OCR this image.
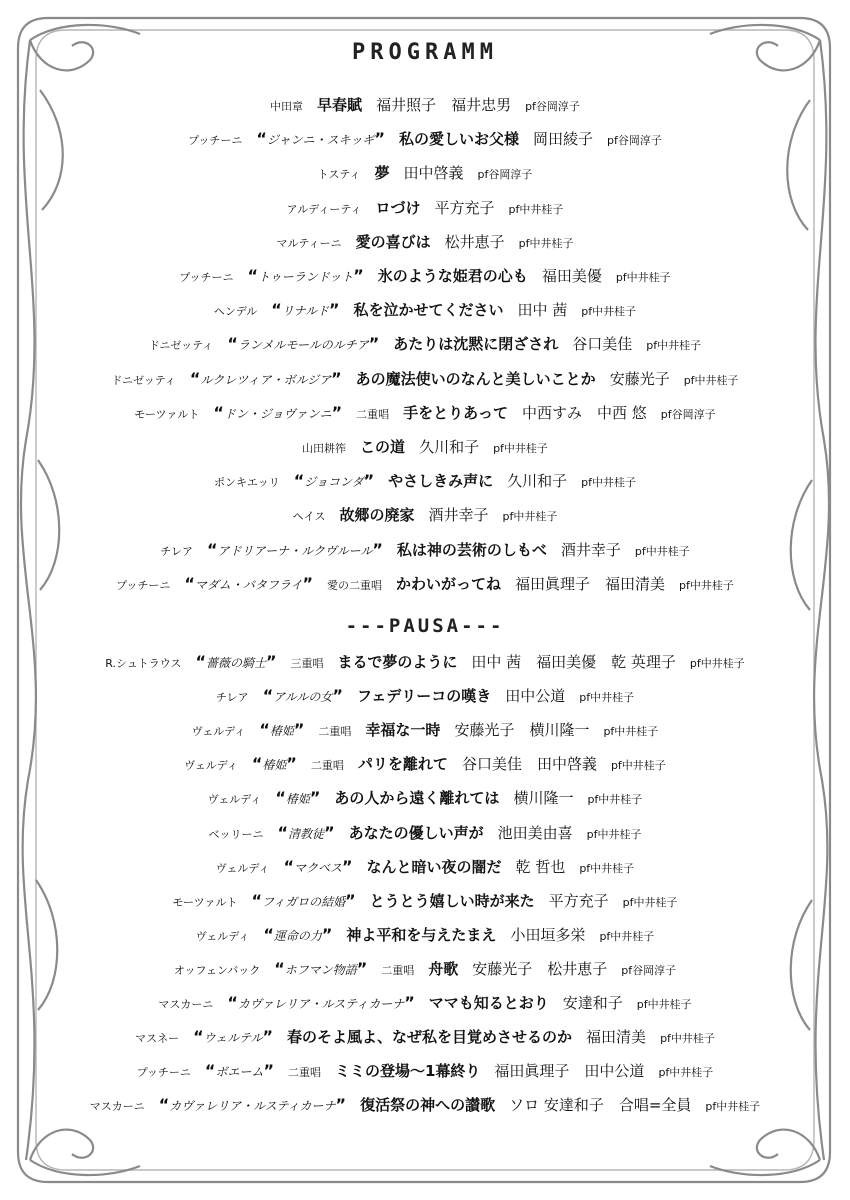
PROGRAMM
---PAUSA---
中田章 早春賦 福井照子　福井忠男 pf谷岡淳子
プッチーニ “ジャンニ・スキッギ” 私の愛しいお父様 岡田綾子 pf谷岡淳子
トスティ 夢 田中啓義 pf谷岡淳子
アルディーティ ロづけ 平方充子 pf中井桂子
マルティーニ 愛の喜びは 松井恵子 pf中井桂子
プッチーニ “トゥーランドット” 氷のような姫君の心も 福田美優 pf中井桂子
ヘンデル “リナルド” 私を泣かせてください 田中 茜 pf中井桂子
ドニゼッティ “ランメルモールのルチア” あたりは沈黙に閉ざされ 谷口美佳 pf中井桂子
ドニゼッティ “ルクレツィア・ボルジア” あの魔法使いのなんと美しいことか 安藤光子 pf中井桂子
モーツァルト “ドン・ジョヴァンニ” 二重唱 手をとりあって 中西すみ　中西 悠 pf谷岡淳子
山田耕筰 この道 久川和子 pf中井桂子
ポンキエッリ “ジョコンダ” やさしきみ声に 久川和子 pf中井桂子
ヘイス 故郷の廃家 酒井幸子 pf中井桂子
チレア “アドリアーナ・ルクヴルール” 私は神の芸術のしもべ 酒井幸子 pf中井桂子
プッチーニ “マダム・バタフライ” 愛の二重唱 かわいがってね 福田眞理子　福田清美 pf中井桂子
R.シュトラウス “薔薇の騎士” 三重唱 まるで夢のように 田中 茜　福田美優　乾 英理子 pf中井桂子
チレア “アルルの女” フェデリーコの嘆き 田中公道 pf中井桂子
ヴェルディ “椿姫” 二重唱 幸福な一時 安藤光子　横川隆一 pf中井桂子
ヴェルディ “椿姫” 二重唱 パリを離れて 谷口美佳　田中啓義 pf中井桂子
ヴェルディ “椿姫” あの人から遠く離れては 横川隆一 pf中井桂子
ベッリーニ “清教徒” あなたの優しい声が 池田美由喜 pf中井桂子
ヴェルディ “マクベス” なんと暗い夜の闇だ 乾 哲也 pf中井桂子
モーツァルト “フィガロの結婚” とうとう嬉しい時が来た 平方充子 pf中井桂子
ヴェルディ “運命の力” 神よ平和を与えたまえ 小田垣多栄 pf中井桂子
オッフェンバック “ホフマン物語” 二重唱 舟歌 安藤光子　松井恵子 pf谷岡淳子
マスカーニ “カヴァレリア・ルスティカーナ” ママも知るとおり 安達和子 pf中井桂子
マスネー “ウェルテル” 春のそよ風よ、なぜ私を目覚めさせるのか 福田清美 pf中井桂子
プッチーニ “ボエーム” 二重唱 ミミの登場～1幕終り 福田眞理子　田中公道 pf中井桂子
マスカーニ “カヴァレリア・ルスティカーナ” 復活祭の神への讃歌 ソロ 安達和子　合唱=全員 pf中井桂子
